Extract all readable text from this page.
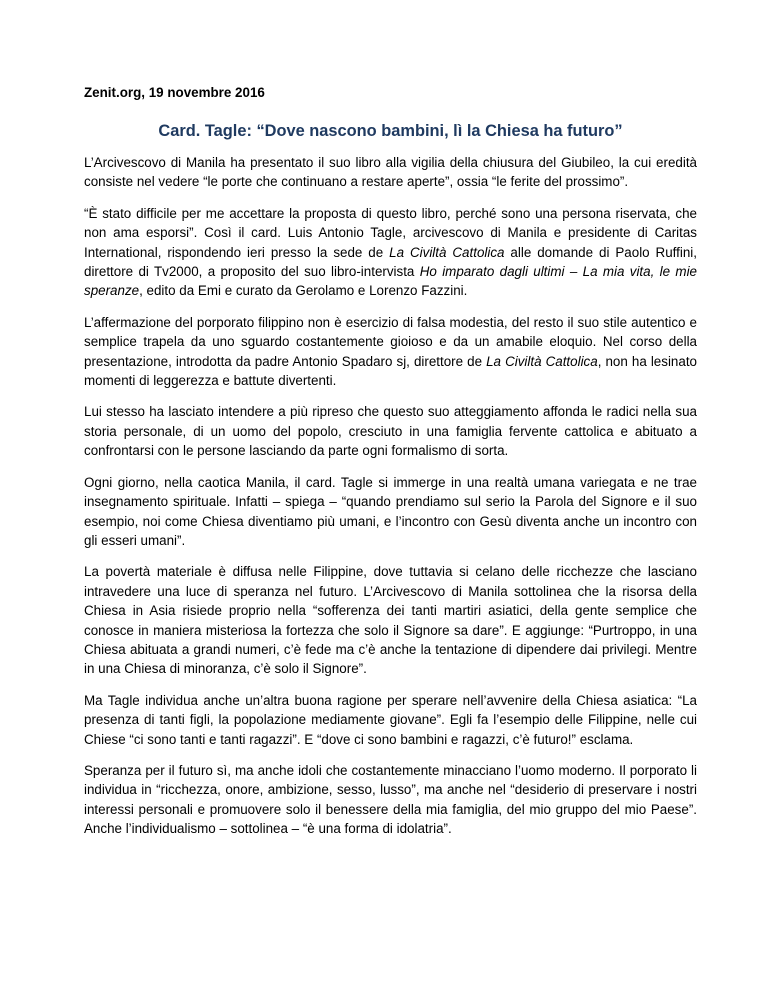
Zenit.org, 19 novembre 2016
Card. Tagle: “Dove nascono bambini, lì la Chiesa ha futuro”

L’Arcivescovo di Manila ha presentato il suo libro alla vigilia della chiusura del Giubileo, la cui eredità consiste nel vedere “le porte che continuano a restare aperte”, ossia “le ferite del prossimo”.

“È stato difficile per me accettare la proposta di questo libro, perché sono una persona riservata, che non ama esporsi”. Così il card. Luis Antonio Tagle, arcivescovo di Manila e presidente di Caritas International, rispondendo ieri presso la sede de La Civiltà Cattolica alle domande di Paolo Ruffini, direttore di Tv2000, a proposito del suo libro-intervista Ho imparato dagli ultimi – La mia vita, le mie speranze, edito da Emi e curato da Gerolamo e Lorenzo Fazzini.

L’affermazione del porporato filippino non è esercizio di falsa modestia, del resto il suo stile autentico e semplice trapela da uno sguardo costantemente gioioso e da un amabile eloquio. Nel corso della presentazione, introdotta da padre Antonio Spadaro sj, direttore de La Civiltà Cattolica, non ha lesinato momenti di leggerezza e battute divertenti.

Lui stesso ha lasciato intendere a più ripreso che questo suo atteggiamento affonda le radici nella sua storia personale, di un uomo del popolo, cresciuto in una famiglia fervente cattolica e abituato a confrontarsi con le persone lasciando da parte ogni formalismo di sorta.

Ogni giorno, nella caotica Manila, il card. Tagle si immerge in una realtà umana variegata e ne trae insegnamento spirituale. Infatti – spiega – “quando prendiamo sul serio la Parola del Signore e il suo esempio, noi come Chiesa diventiamo più umani, e l’incontro con Gesù diventa anche un incontro con gli esseri umani”.

La povertà materiale è diffusa nelle Filippine, dove tuttavia si celano delle ricchezze che lasciano intravedere una luce di speranza nel futuro. L’Arcivescovo di Manila sottolinea che la risorsa della Chiesa in Asia risiede proprio nella “sofferenza dei tanti martiri asiatici, della gente semplice che conosce in maniera misteriosa la fortezza che solo il Signore sa dare”. E aggiunge: “Purtroppo, in una Chiesa abituata a grandi numeri, c’è fede ma c’è anche la tentazione di dipendere dai privilegi. Mentre in una Chiesa di minoranza, c’è solo il Signore”.

Ma Tagle individua anche un’altra buona ragione per sperare nell’avvenire della Chiesa asiatica: “La presenza di tanti figli, la popolazione mediamente giovane”. Egli fa l’esempio delle Filippine, nelle cui Chiese “ci sono tanti e tanti ragazzi”. E “dove ci sono bambini e ragazzi, c’è futuro!” esclama.

Speranza per il futuro sì, ma anche idoli che costantemente minacciano l’uomo moderno. Il porporato li individua in “ricchezza, onore, ambizione, sesso, lusso”, ma anche nel “desiderio di preservare i nostri interessi personali e promuovere solo il benessere della mia famiglia, del mio gruppo del mio Paese”. Anche l’individualismo – sottolinea – “è una forma di idolatria”.
